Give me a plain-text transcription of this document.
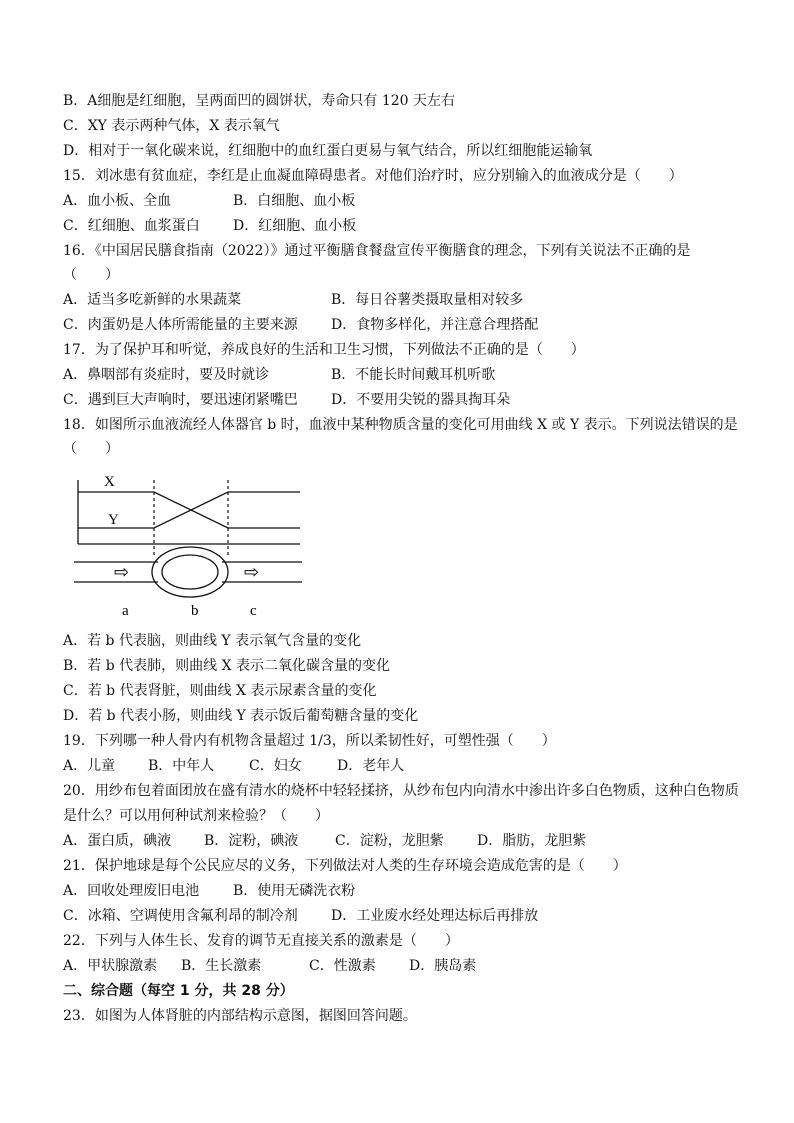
B．A细胞是红细胞，呈两面凹的圆饼状，寿命只有 120 天左右
C．XY 表示两种气体，X 表示氧气
D．相对于一氧化碳来说，红细胞中的血红蛋白更易与氧气结合，所以红细胞能运输氧
15．刘冰患有贫血症，李红是止血凝血障碍患者。对他们治疗时，应分别输入的血液成分是（　　）
A．血小板、全血	B．白细胞、血小板
C．红细胞、血浆蛋白 D．红细胞、血小板
16．《中国居民膳食指南（2022）》通过平衡膳食餐盘宣传平衡膳食的理念，下列有关说法不正确的是
（　　）
A．适当多吃新鲜的水果蔬菜	B．每日谷薯类摄取量相对较多
C．肉蛋奶是人体所需能量的主要来源 D．食物多样化，并注意合理搭配
17．为了保护耳和听觉，养成良好的生活和卫生习惯，下列做法不正确的是（　　）
A．鼻咽部有炎症时，要及时就诊	B．不能长时间戴耳机听歌
C．遇到巨大声响时，要迅速闭紧嘴巴 D．不要用尖锐的器具掏耳朵
18．如图所示血液流经人体器官 b 时，血液中某种物质含量的变化可用曲线 X 或 Y 表示。下列说法错误的是
（　　）
X
Y
⇨	⇨
a	b	c
A．若 b 代表脑，则曲线 Y 表示氧气含量的变化
B．若 b 代表肺，则曲线 X 表示二氧化碳含量的变化
C．若 b 代表肾脏，则曲线 X 表示尿素含量的变化
D．若 b 代表小肠，则曲线 Y 表示饭后葡萄糖含量的变化
19．下列哪一种人骨内有机物含量超过 1/3，所以柔韧性好，可塑性强（　　）
A．儿童 B．中年人 C．妇女	D．老年人
20．用纱布包着面团放在盛有清水的烧杯中轻轻揉挤，从纱布包内向清水中渗出许多白色物质，这种白色物质
是什么？可以用何种试剂来检验？（　　）
A．蛋白质，碘液 B．淀粉，碘液	C．淀粉，龙胆紫 D．脂肪，龙胆紫
21．保护地球是每个公民应尽的义务，下列做法对人类的生存环境会造成危害的是（　　）
A．回收处理废旧电池 B．使用无磷洗衣粉
C．冰箱、空调使用含氟利昂的制冷剂 D．工业废水经处理达标后再排放
22．下列与人体生长、发育的调节无直接关系的激素是（　　）
A．甲状腺激素 B．生长激素	C．性激素 D．胰岛素
二、综合题（每空 1 分，共 28 分）
23．如图为人体肾脏的内部结构示意图，据图回答问题。
